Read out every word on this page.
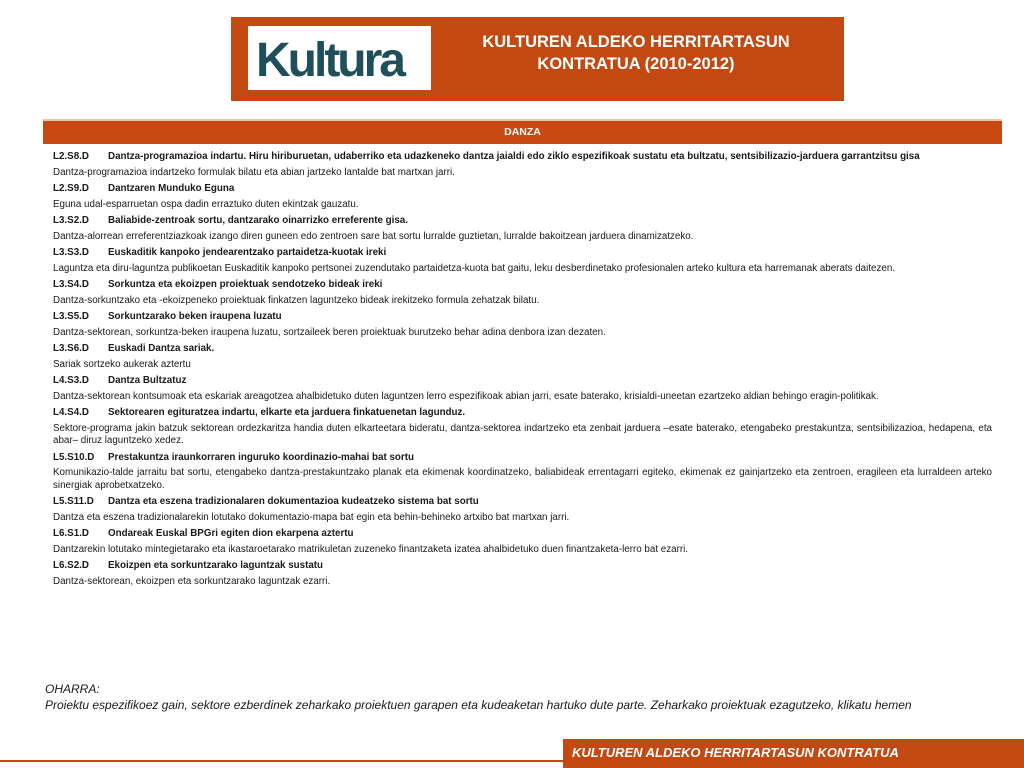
Kultura	KULTUREN ALDEKO HERRITARTASUN
KONTRATUA (2010-2012)
DANZA
L2.S8.D Dantza-programazioa indartu. Hiru hiriburuetan, udaberriko eta udazkeneko dantza jaialdi edo ziklo espezifikoak sustatu eta bultzatu, sentsibilizazio-jarduera garrantzitsu gisa
Dantza-programazioa indartzeko formulak bilatu eta abian jartzeko lantalde bat martxan jarri.
L2.S9.D Dantzaren Munduko Eguna
Eguna udal-esparruetan ospa dadin erraztuko duten ekintzak gauzatu.
L3.S2.D Baliabide-zentroak sortu, dantzarako oinarrizko erreferente gisa.
Dantza-alorrean erreferentziazkoak izango diren guneen edo zentroen sare bat sortu lurralde guztietan, lurralde bakoitzean jarduera dinamizatzeko.
L3.S3.D Euskaditik kanpoko jendearentzako partaidetza-kuotak ireki
Laguntza eta diru-laguntza publikoetan Euskaditik kanpoko pertsonei zuzendutako partaidetza-kuota bat gaitu, leku desberdinetako profesionalen arteko kultura eta harremanak aberats daitezen.
L3.S4.D Sorkuntza eta ekoizpen proiektuak sendotzeko bideak ireki
Dantza-sorkuntzako eta -ekoizpeneko proiektuak finkatzen laguntzeko bideak irekitzeko formula zehatzak bilatu.
L3.S5.D Sorkuntzarako beken iraupena luzatu
Dantza-sektorean, sorkuntza-beken iraupena luzatu, sortzaileek beren proiektuak burutzeko behar adina denbora izan dezaten.
L3.S6.D Euskadi Dantza sariak.
Sariak sortzeko aukerak aztertu
L4.S3.D Dantza Bultzatuz
Dantza-sektorean kontsumoak eta eskariak areagotzea ahalbidetuko duten laguntzen lerro espezifikoak abian jarri, esate baterako, krisialdi-uneetan ezartzeko aldian behingo eragin-politikak.
L4.S4.D Sektorearen egituratzea indartu, elkarte eta jarduera finkatuenetan lagunduz.
Sektore-programa jakin batzuk sektorean ordezkaritza handia duten elkarteetara bideratu, dantza-sektorea indartzeko eta zenbait jarduera –esate baterako, etengabeko prestakuntza, sentsibilizazioa, hedapena, eta abar– diruz laguntzeko xedez.
L5.S10.D Prestakuntza iraunkorraren inguruko koordinazio-mahai bat sortu
Komunikazio-talde jarraitu bat sortu, etengabeko dantza-prestakuntzako planak eta ekimenak koordinatzeko, baliabideak errentagarri egiteko, ekimenak ez gainjartzeko eta zentroen, eragileen eta lurraldeen arteko sinergiak aprobetxatzeko.
L5.S11.D Dantza eta eszena tradizionalaren dokumentazioa kudeatzeko sistema bat sortu
Dantza eta eszena tradizionalarekin lotutako dokumentazio-mapa bat egin eta behin-behineko artxibo bat martxan jarri.
L6.S1.D Ondareak Euskal BPGri egiten dion ekarpena aztertu
Dantzarekin lotutako mintegietarako eta ikastaroetarako matrikuletan zuzeneko finantzaketa izatea ahalbidetuko duen finantzaketa-lerro bat ezarri.
L6.S2.D Ekoizpen eta sorkuntzarako laguntzak sustatu
Dantza-sektorean, ekoizpen eta sorkuntzarako laguntzak ezarri.
OHARRA:
Proiektu espezifikoez gain, sektore ezberdinek zeharkako proiektuen garapen eta kudeaketan hartuko dute parte. Zeharkako proiektuak ezagutzeko, klikatu hemen
KULTUREN ALDEKO HERRITARTASUN KONTRATUA
